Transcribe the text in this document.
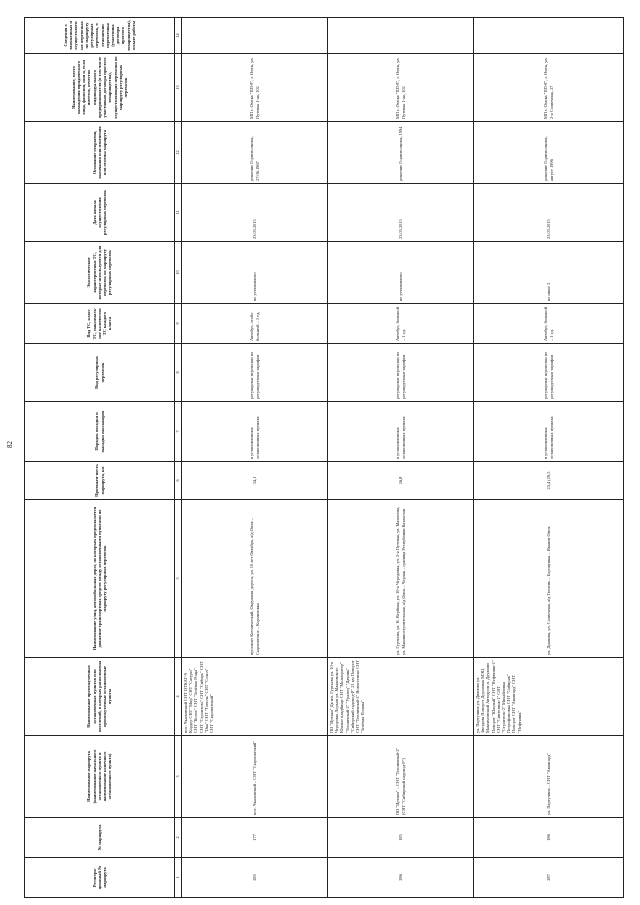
82
Регистра-ционный № маршрута	№ маршрута	Наименование маршрута (наименование начального остановочного пункта и наименование конечного остановочного пункта)	Наименование промежуточных остановочных пунктов или поселений, в которых расположены промежуточные остановочные пункты	Наименование улиц, автомобильных дорог, по которым предполагается движение транспортных средств между остановочными пунктами по маршруту регулярных перевозок	Протяжен-ность маршрута, км	Порядок посадки и высадки пассажиров	Вид регулярных перевозок	Вид ТС, класс ТС, максималь-ное количество ТС каждого класса	Экологические характеристики ТС, которые используются для перевозок по маршруту регулярных перевозок	Дата начала осуществления регулярных перевозок	Основание открытия, окончания или изменения или отмены маршрута	Наименование, место нахождения юридического лица, фамилия, имя и, если имеется, отчество индивидуального предпринимателя (в том числе участников договора простого товарищества), осуществляющих перевозки по маршруту регулярных перевозок	Сведения о таможенных и осуществляемых перевозках по маршруту регулярных перевозок, в отношении перевозчика (участника договора простого товарищества), оплате работы
1	2	3	4	5	6	7	8	9	10	11	12	13	14
285	177	пос. Чкаловский – СНТ "Сыропятский"	пос. Чкаловский СНТ ОТКАТ-9 Кордер СНТ "Мир" СНТ "Сатурн" СНТ "Колос" СНТ "Зелёная Роща" СНТ "Строитель" СНТ "Сибирь" СНТ "Ока" СНТ "Тополь" СНТ "Сокол" СНТ "Сыропятский"	проспект Космический, Окружная дорога, ул. 10 лет Октября, а/д Омск – Сыропятское – Кормиловка	34,1	в установленных остановочных пунктах	регулярные перевозки по регулируемым тарифам	Автобус, особо большой – 1 ед.	не установлено	23.03.2015	решение Горисполкома, 27.06.1967	МП г. Омска "ПП-8", г. Омск, ул. Путевая 1-ая, 102	
286	185	ПО "Иртыш" – СНТ "Тепличный-2" (СНТ "Сибирский садовод-Р")	ПО "Иртыш" Дк им. Гуртьева ул. 10-я Чередовая Лорьян ул. Маяковского Южное кладбище СНТ "Мелиоратор" "Тепличный-2" "Уралец" "Дачник" "Сибирский садовод-Р" 21 км Поворот СНТ "Тепличный-2" Вознесенско СНТ "Зелёная Поляна"	ул. Гуртьева, ул. Н. Вербная, ул. 10-я Чередовая, ул. 2-я Путевая, ул. Мамлеева, ул. Машиностроительная, а/д Омск – Черлак – граница Республики Казахстан	26,8	в установленных остановочных пунктах	регулярные перевозки по регулируемым тарифам	Автобус, большой – 1 ед.	не установлено	23.03.2015	решение Горисполкома, 1994	МП г. Омска "ПП-8", г. Омск, ул. Путевая 1-ая, 102	
287	186	ул. Партучина – СНТ "Авангард"	ул. Партучина ул. Дианова ул. Звездова Поворот Дорожная МЭЦ Максимовский Автодром п. Дружино Поворот "Южный" СНТ "Нефтяник-1" СНТ "Синтезник-1" СНТ "Строитель-2" Михайловка Петрофимовка СНТ "Сибиряк" Поворот СНТ "Авангард" СНТ "Нефтяник"	ул. Дианова, ул. Солнечная, а/д Тюмень – Боровушка – Иванов Омск	23,4 (29,5	в установленных остановочных пунктах	регулярные перевозки по регулируемым тарифам	Автобус, большой – 1 ед.	не ниже 2	23.03.2015	решение Горисполкома, август 1996	МП г. Омска "ПП-8", г. Омск, ул. 2-я Солнечная, 27	
